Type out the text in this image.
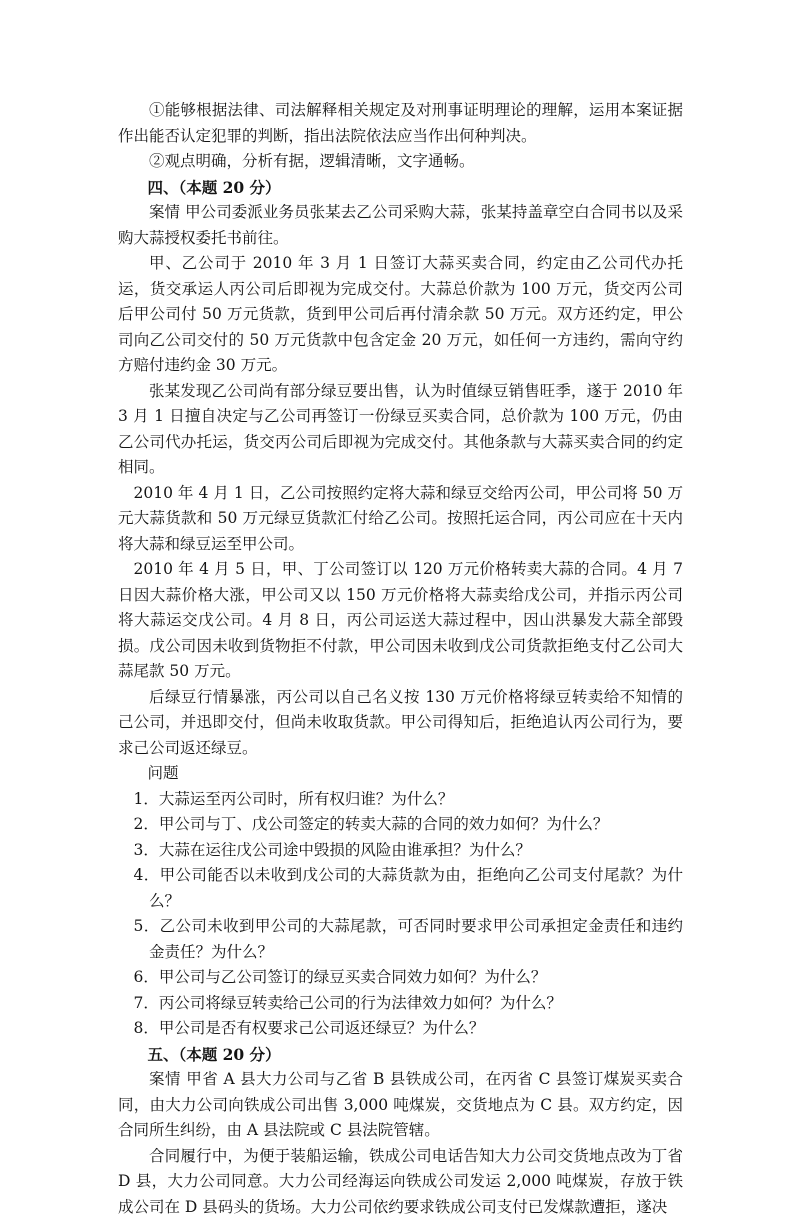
①能够根据法律、司法解释相关规定及对刑事证明理论的理解，运用本案证据作出能否认定犯罪的判断，指出法院依法应当作出何种判决。

②观点明确，分析有据，逻辑清晰，文字通畅。

四、（本题 20 分）

案情 甲公司委派业务员张某去乙公司采购大蒜，张某持盖章空白合同书以及采购大蒜授权委托书前往。

甲、乙公司于 2010 年 3 月 1 日签订大蒜买卖合同，约定由乙公司代办托运，货交承运人丙公司后即视为完成交付。大蒜总价款为 100 万元，货交丙公司后甲公司付 50 万元货款，货到甲公司后再付清余款 50 万元。双方还约定，甲公司向乙公司交付的 50 万元货款中包含定金 20 万元，如任何一方违约，需向守约方赔付违约金 30 万元。

张某发现乙公司尚有部分绿豆要出售，认为时值绿豆销售旺季，遂于 2010 年 3 月 1 日擅自决定与乙公司再签订一份绿豆买卖合同，总价款为 100 万元，仍由乙公司代办托运，货交丙公司后即视为完成交付。其他条款与大蒜买卖合同的约定相同。

2010 年 4 月 1 日，乙公司按照约定将大蒜和绿豆交给丙公司，甲公司将 50 万元大蒜货款和 50 万元绿豆货款汇付给乙公司。按照托运合同，丙公司应在十天内将大蒜和绿豆运至甲公司。

2010 年 4 月 5 日，甲、丁公司签订以 120 万元价格转卖大蒜的合同。4 月 7 日因大蒜价格大涨，甲公司又以 150 万元价格将大蒜卖给戊公司，并指示丙公司将大蒜运交戊公司。4 月 8 日，丙公司运送大蒜过程中，因山洪暴发大蒜全部毁损。戊公司因未收到货物拒不付款，甲公司因未收到戊公司货款拒绝支付乙公司大蒜尾款 50 万元。

后绿豆行情暴涨，丙公司以自己名义按 130 万元价格将绿豆转卖给不知情的己公司，并迅即交付，但尚未收取货款。甲公司得知后，拒绝追认丙公司行为，要求己公司返还绿豆。

问题

1．大蒜运至丙公司时，所有权归谁？为什么？

2．甲公司与丁、戊公司签定的转卖大蒜的合同的效力如何？为什么？

3．大蒜在运往戊公司途中毁损的风险由谁承担？为什么？

4．甲公司能否以未收到戊公司的大蒜货款为由，拒绝向乙公司支付尾款？为什么？

5．乙公司未收到甲公司的大蒜尾款，可否同时要求甲公司承担定金责任和违约金责任？为什么？

6．甲公司与乙公司签订的绿豆买卖合同效力如何？为什么？

7．丙公司将绿豆转卖给己公司的行为法律效力如何？为什么？

8．甲公司是否有权要求己公司返还绿豆？为什么？

五、（本题 20 分）

案情 甲省 A 县大力公司与乙省 B 县铁成公司，在丙省 C 县签订煤炭买卖合同，由大力公司向铁成公司出售 3,000 吨煤炭，交货地点为 C 县。双方约定，因合同所生纠纷，由 A 县法院或 C 县法院管辖。

合同履行中，为便于装船运输，铁成公司电话告知大力公司交货地点改为丁省 D 县，大力公司同意。大力公司经海运向铁成公司发运 2,000 吨煤炭，存放于铁成公司在 D 县码头的货场。大力公司依约要求铁成公司支付已发煤款遭拒，遂决
